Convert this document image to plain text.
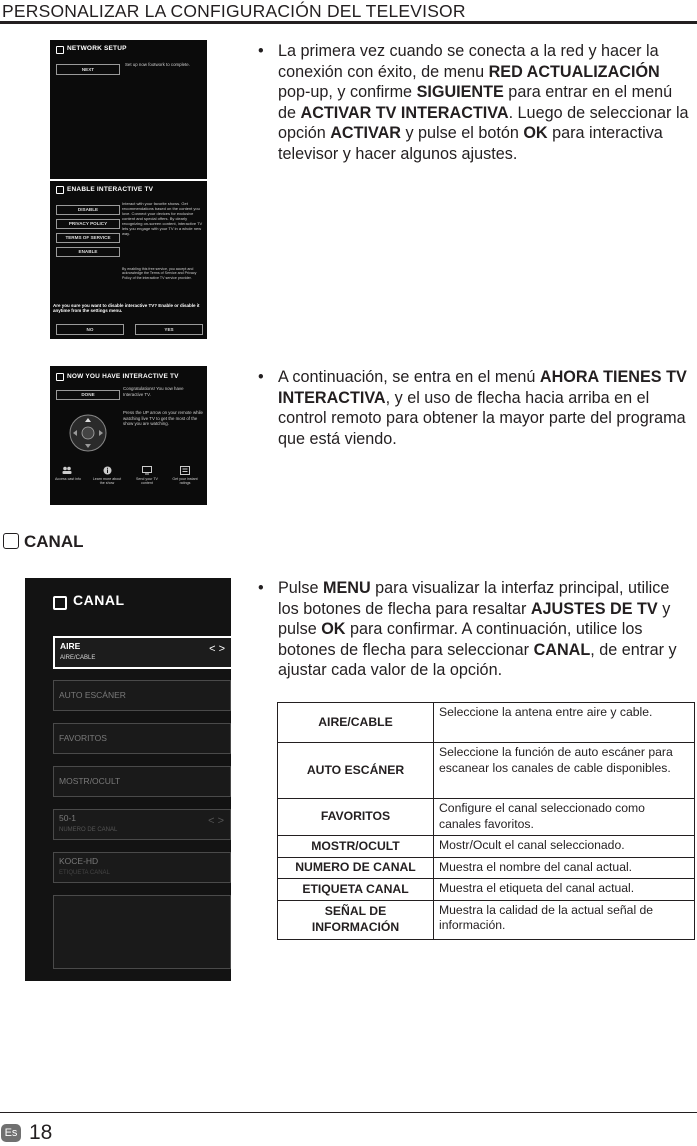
PERSONALIZAR LA CONFIGURACIÓN DEL TELEVISOR
NETWORK SETUP
NEXT
Set up now footwork to complete.
ENABLE INTERACTIVE TV
DISABLE
PRIVACY POLICY
TERMS OF SERVICE
ENABLE
Interact with your favorite shows. Get recommendations based on the content you love. Connect your devices for exclusive content and special offers. By clearly recognizing on-screen content, interactive TV lets you engage with your TV in a whole new way.
By enabling this free service, you accept and acknowledge the Terms of Service and Privacy Policy of the interactive TV service provider.
Are you sure you want to disable interactive TV? Enable or disable it anytime from the settings menu.
NO	YES
NOW YOU HAVE INTERACTIVE TV
DONE
Congratulations! You now have Interactive TV.
Press the UP arrow on your remote while watching live TV to get the most of the show you are watching.
Access cast info	Learn more about the show
Send your TV content
Get your instant ratings
• La primera vez cuando se conecta a la red y hacer la conexión con éxito, de menu RED ACTUALIZACIÓN pop-up, y confirme SIGUIENTE para entrar en el menú de ACTIVAR TV INTERACTIVA. Luego de seleccionar la opción ACTIVAR y pulse el botón OK para interactiva televisor y hacer algunos ajustes.
• A continuación, se entra en el menú AHORA TIENES TV INTERACTIVA, y el uso de flecha hacia arriba en el control remoto para obtener la mayor parte del programa que está viendo.
CANAL
CANAL
AIRE
AIRE/CABLE
< >
AUTO ESCÁNER
FAVORITOS
MOSTR/OCULT
50-1
NUMERO DE CANAL
< >
KOCE-HD
ETIQUETA CANAL
• Pulse MENU para visualizar la interfaz principal, utilice los botones de flecha para resaltar AJUSTES DE TV y pulse OK para confirmar. A continuación, utilice los botones de flecha para seleccionar CANAL, de entrar y ajustar cada valor de la opción.
AIRE/CABLE	Seleccione la antena entre aire y cable.
AUTO ESCÁNER	Seleccione la función de auto escáner para escanear los canales de cable disponibles.
FAVORITOS	Configure el canal seleccionado como canales favoritos.
MOSTR/OCULT	Mostr/Ocult el canal seleccionado.
NUMERO DE CANAL	Muestra el nombre del canal actual.
ETIQUETA CANAL	Muestra el etiqueta del canal actual.
SEÑAL DE INFORMACIÓN	Muestra la calidad de la actual señal de información.
Es 18
